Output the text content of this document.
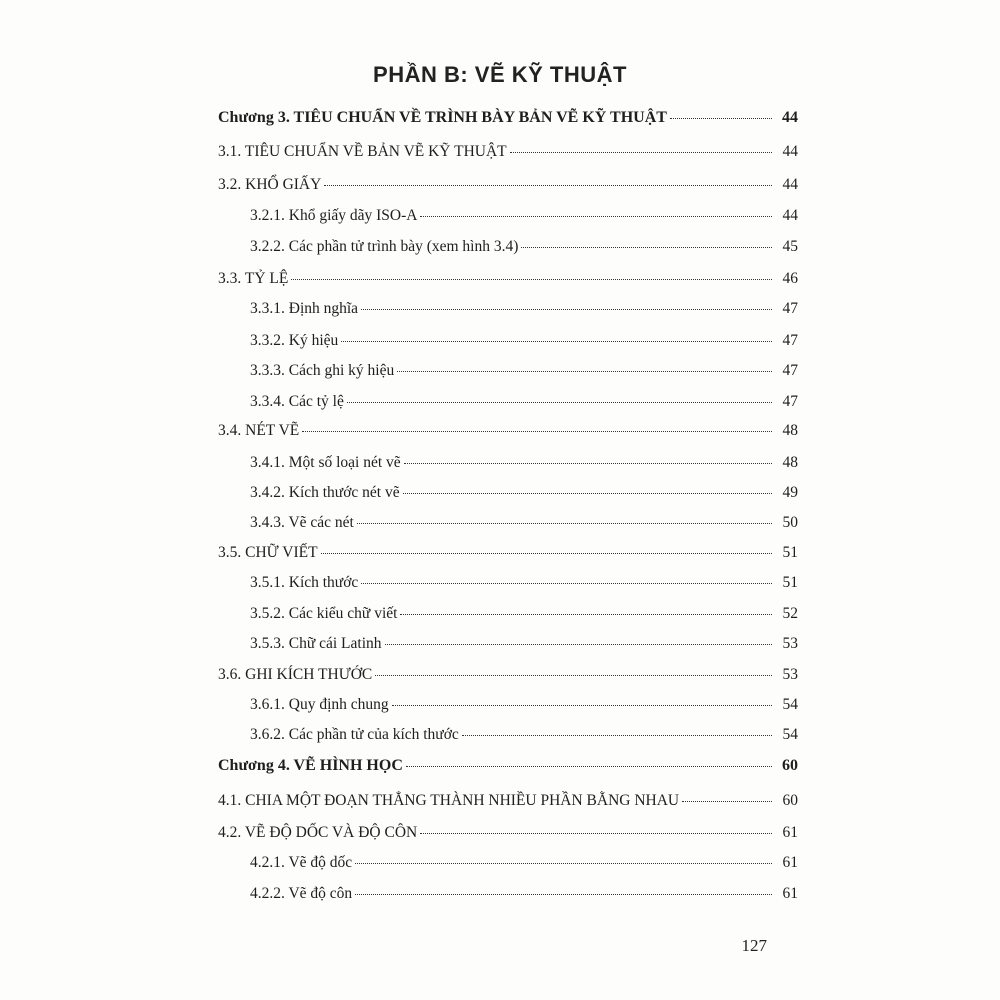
PHẦN B: VẼ KỸ THUẬT
Chương 3. TIÊU CHUẨN VỀ TRÌNH BÀY BẢN VẼ KỸ THUẬT	44
3.1. TIÊU CHUẨN VỀ BẢN VẼ KỸ THUẬT	44
3.2. KHỔ GIẤY	44
3.2.1. Khổ giấy dãy ISO-A	44
3.2.2. Các phần tử trình bày (xem hình 3.4)	45
3.3. TỶ LỆ	46
3.3.1. Định nghĩa	47
3.3.2. Ký hiệu	47
3.3.3. Cách ghi ký hiệu	47
3.3.4. Các tỷ lệ	47
3.4. NÉT VẼ	48
3.4.1. Một số loại nét vẽ	48
3.4.2. Kích thước nét vẽ	49
3.4.3. Vẽ các nét	50
3.5. CHỮ VIẾT	51
3.5.1. Kích thước	51
3.5.2. Các kiểu chữ viết	52
3.5.3. Chữ cái Latinh	53
3.6. GHI KÍCH THƯỚC	53
3.6.1. Quy định chung	54
3.6.2. Các phần tử của kích thước	54
Chương 4. VẼ HÌNH HỌC	60
4.1. CHIA MỘT ĐOẠN THẲNG THÀNH NHIỀU PHẦN BẰNG NHAU	60
4.2. VẼ ĐỘ DỐC VÀ ĐỘ CÔN	61
4.2.1. Vẽ độ dốc	61
4.2.2. Vẽ độ côn	61
127
